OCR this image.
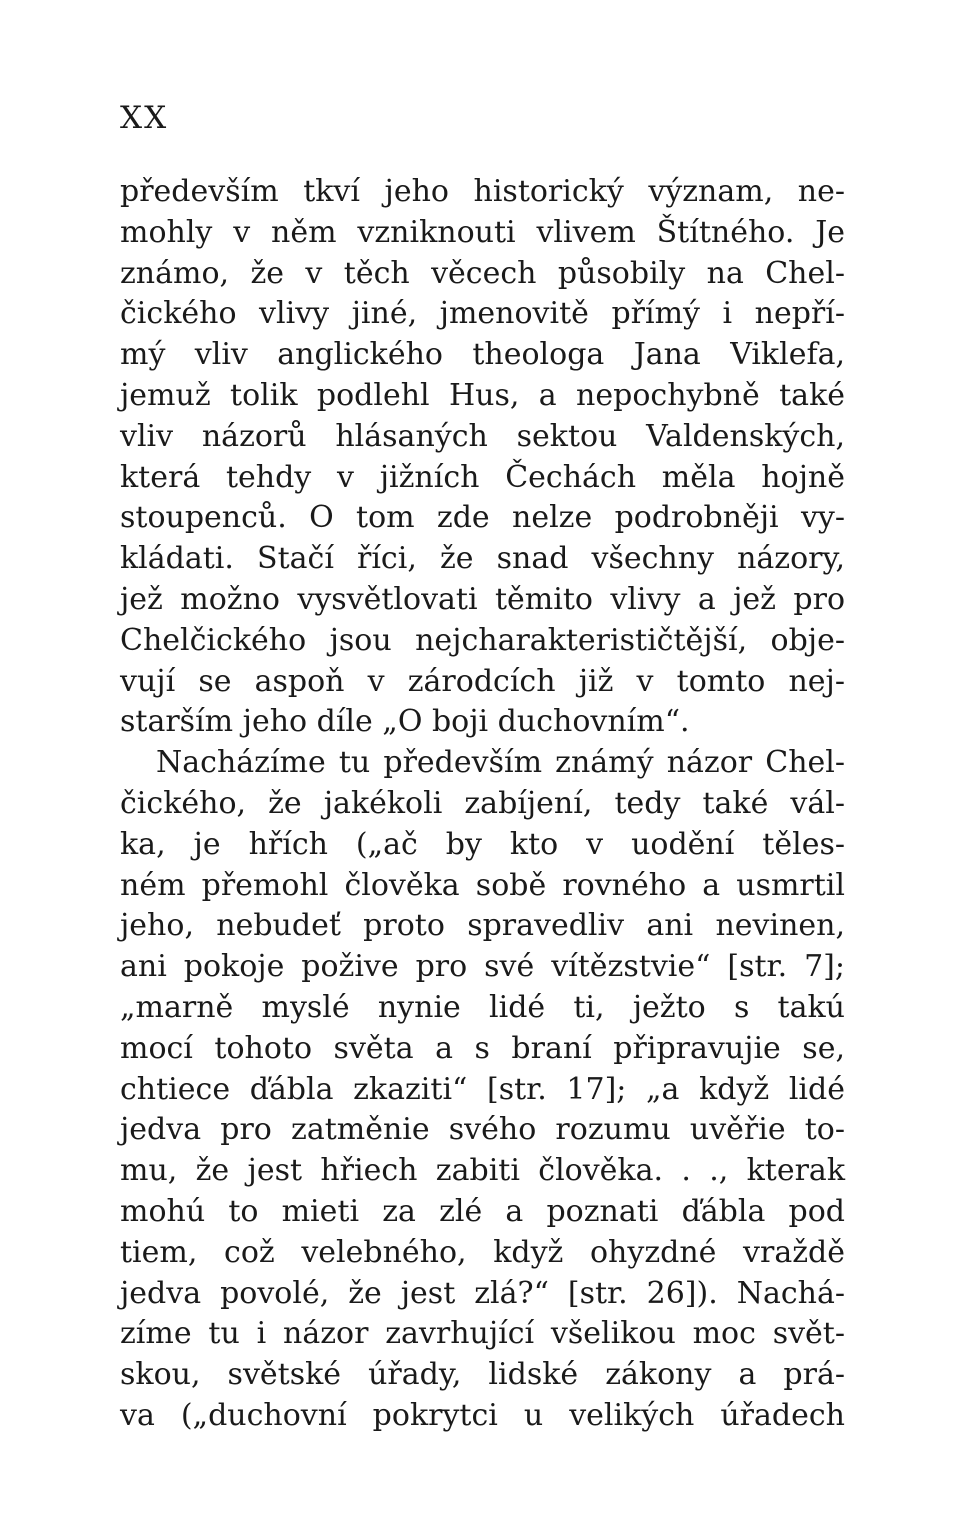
XX
především tkví jeho historický význam, ne-
mohly v něm vzniknouti vlivem Štítného. Je
známo, že v těch věcech působily na Chel-
čického vlivy jiné, jmenovitě přímý i nepří-
mý vliv anglického theologa Jana Viklefa,
jemuž tolik podlehl Hus, a nepochybně také
vliv názorů hlásaných sektou Valdenských,
která tehdy v jižních Čechách měla hojně
stoupenců. O tom zde nelze podrobněji vy-
kládati. Stačí říci, že snad všechny názory,
jež možno vysvětlovati těmito vlivy a jež pro
Chelčického jsou nejcharakterističtější, obje-
vují se aspoň v zárodcích již v tomto nej-
starším jeho díle „O boji duchovním“.
Nacházíme tu především známý názor Chel-
čického, že jakékoli zabíjení, tedy také vál-
ka, je hřích („ač by kto v uodění těles-
ném přemohl člověka sobě rovného a usmrtil
jeho, nebudeť proto spravedliv ani nevinen,
ani pokoje požive pro své vítězstvie“ [str. 7];
„marně myslé nynie lidé ti, ježto s takú
mocí tohoto světa a s braní připravujie se,
chtiece ďábla zkaziti“ [str. 17]; „a když lidé
jedva pro zatměnie svého rozumu uvěřie to-
mu, že jest hřiech zabiti člověka. . ., kterak
mohú to mieti za zlé a poznati ďábla pod
tiem, což velebného, když ohyzdné vraždě
jedva povolé, že jest zlá?“ [str. 26]). Nachá-
zíme tu i názor zavrhující všelikou moc svět-
skou, světské úřady, lidské zákony a prá-
va („duchovní pokrytci u velikých úřadech
